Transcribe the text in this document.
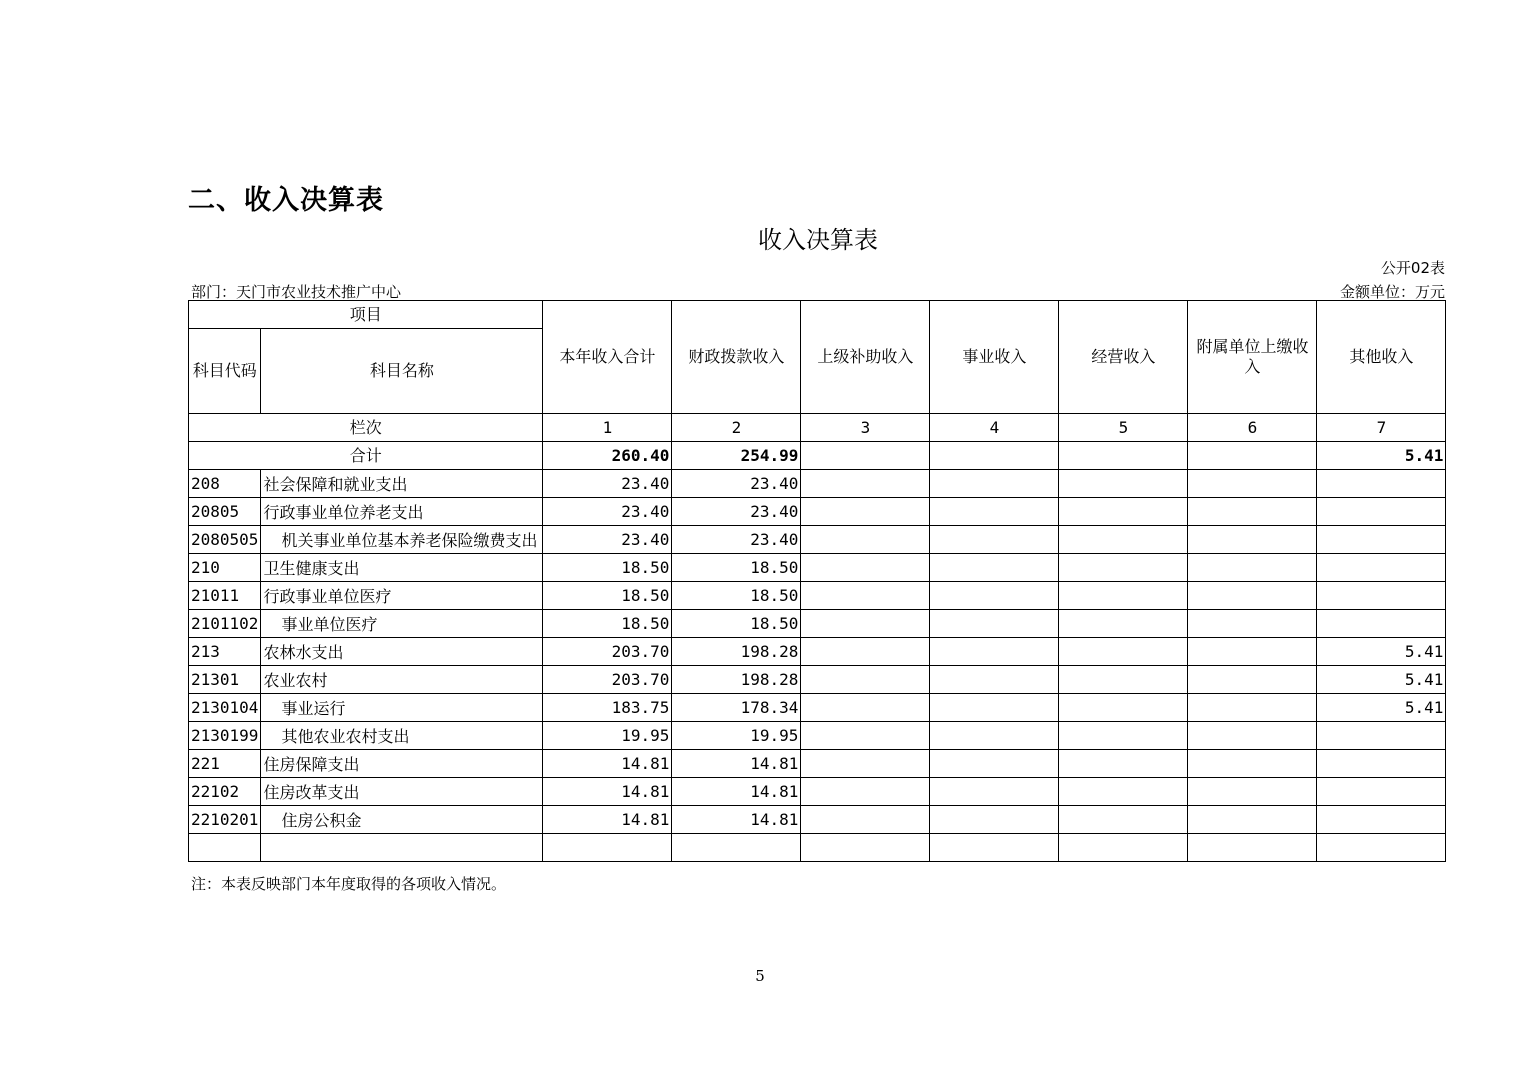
二、收入决算表
收入决算表
公开02表
部门：天门市农业技术推广中心	金额单位：万元
项目		本年收入合计	财政拨款收入	上级补助收入	事业收入	经营收入	附属单位上缴收入	其他收入
科目代码	科目名称							
栏次		1	2	3	4	5	6	7
合计		260.40	254.99					5.41
208	社会保障和就业支出	23.40	23.40					
20805	行政事业单位养老支出	23.40	23.40					
2080505	机关事业单位基本养老保险缴费支出	23.40	23.40					
210	卫生健康支出	18.50	18.50					
21011	行政事业单位医疗	18.50	18.50					
2101102	事业单位医疗	18.50	18.50					
213	农林水支出	203.70	198.28					5.41
21301	农业农村	203.70	198.28					5.41
2130104	事业运行	183.75	178.34					5.41
2130199	其他农业农村支出	19.95	19.95					
221	住房保障支出	14.81	14.81					
22102	住房改革支出	14.81	14.81					
2210201	住房公积金	14.81	14.81					

注：本表反映部门本年度取得的各项收入情况。
5
